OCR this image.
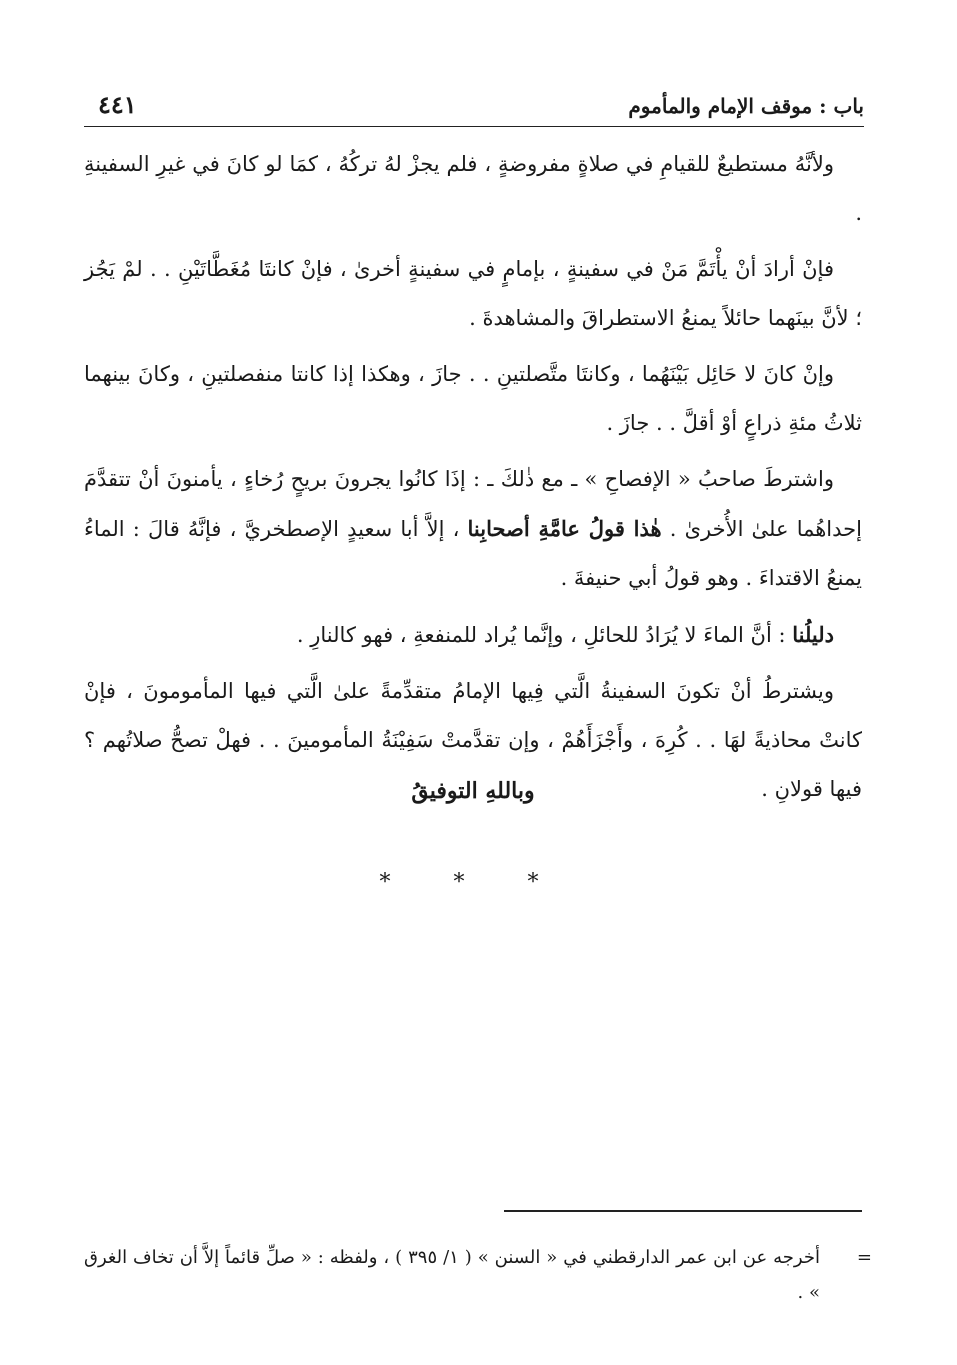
باب : موقف الإمام والمأموم
٤٤١

ولأنَّهُ مستطيعٌ للقيامِ في صلاةٍ مفروضةٍ ، فلم يجزْ لهُ تركُهُ ، كمَا لو كانَ في غيرِ السفينةِ .

فإنْ أرادَ أنْ يأْتَمَّ مَنْ في سفينةٍ ، بإمامٍ في سفينةٍ أخرىٰ ، فإنْ كانتَا مُغَطَّاتَيْنِ . . لمْ يَجُز ؛ لأنَّ بينَهما حائلاً يمنعُ الاستطراقَ والمشاهدةَ .

وإنْ كانَ لا حَائِل بَيْنَهُما ، وكانتَا متَّصلتينِ . . جازَ ، وهكذا إذا كانتا منفصلتينِ ، وكانَ بينهما ثلاثُ مئةِ ذراعٍ أوْ أقلَّ . . جازَ .

واشترطَ صاحبُ « الإفصاحِ » ـ مع ذٰلكَ ـ : إذَا كانُوا يجرونَ بريحٍ رُخاءٍ ، يأمنونَ أنْ تتقدَّمَ إحداهُما علىٰ الأُخرىٰ . هٰذا قولُ عامَّةِ أصحابِنا ، إلاَّ أبا سعيدٍ الإصطخريَّ ، فإنَّهُ قالَ : الماءُ يمنعُ الاقتداءَ . وهو قولُ أبي حنيفةَ .

دليلُنا : أنَّ الماءَ لا يُرَادُ للحائلِ ، وإنَّما يُراد للمنفعةِ ، فهو كالنارِ .

ويشترطُ أنْ تكونَ السفينةُ الَّتي فِيها الإمامُ متقدِّمةً علىٰ الَّتي فيها المأمومونَ ، فإنْ كانتْ محاذيةً لهَا . . كُرِهَ ، وأَجْزَأَهُمْ ، وإن تقدَّمتْ سَفِيْنَةُ المأمومينَ . . فهلْ تصحُّ صلاتُهم ؟ فيها قولانِ .

وباللهِ التوفيقُ
* * *
=
أخرجه عن ابن عمر الدارقطني في « السنن » ( ١/ ٣٩٥ ) ، ولفظه : « صلِّ قائماً إلاَّ أن تخاف الغرق » .
